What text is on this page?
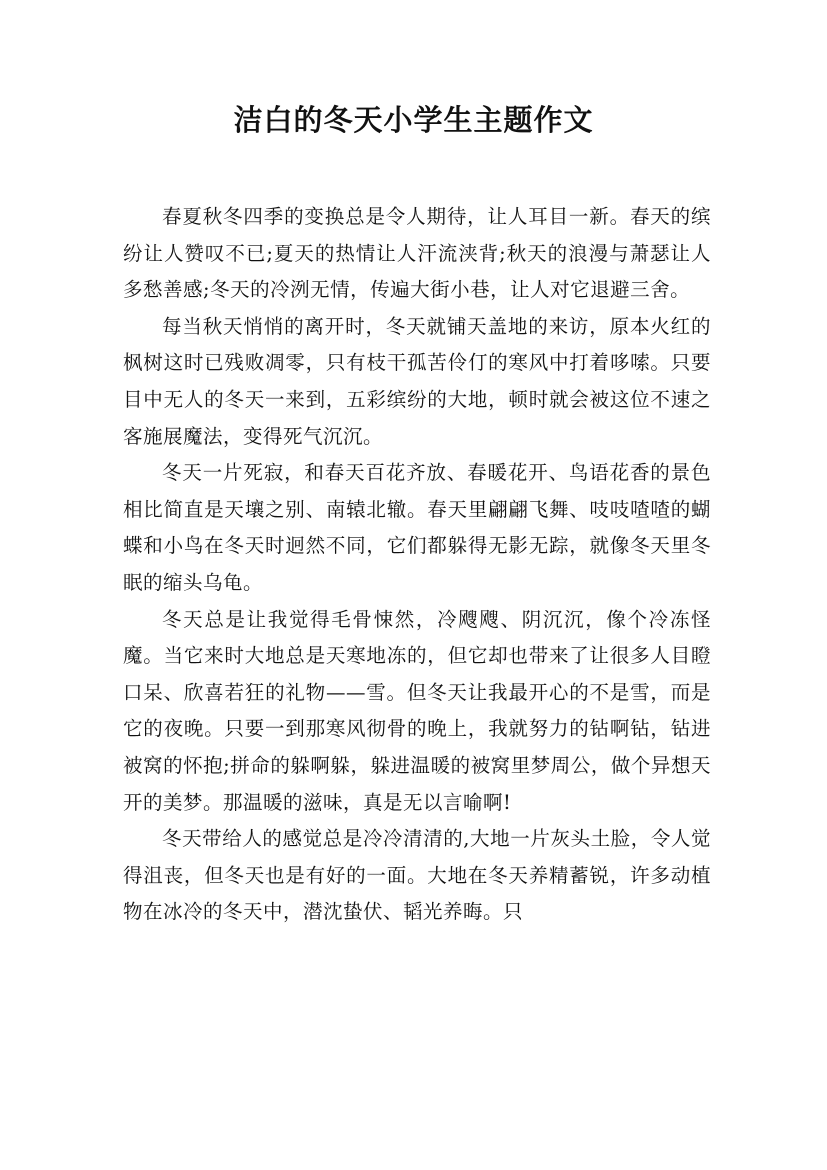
洁白的冬天小学生主题作文

春夏秋冬四季的变换总是令人期待，让人耳目一新。春天的缤纷让人赞叹不已;夏天的热情让人汗流浃背;秋天的浪漫与萧瑟让人多愁善感;冬天的冷洌无情，传遍大街小巷，让人对它退避三舍。

每当秋天悄悄的离开时，冬天就铺天盖地的来访，原本火红的枫树这时已残败凋零，只有枝干孤苦伶仃的寒风中打着哆嗦。只要目中无人的冬天一来到，五彩缤纷的大地，顿时就会被这位不速之客施展魔法，变得死气沉沉。

冬天一片死寂，和春天百花齐放、春暖花开、鸟语花香的景色相比简直是天壤之别、南辕北辙。春天里翩翩飞舞、吱吱喳喳的蝴蝶和小鸟在冬天时迥然不同，它们都躲得无影无踪，就像冬天里冬眠的缩头乌龟。

冬天总是让我觉得毛骨悚然，冷飕飕、阴沉沉，像个冷冻怪魔。当它来时大地总是天寒地冻的，但它却也带来了让很多人目瞪口呆、欣喜若狂的礼物——雪。但冬天让我最开心的不是雪，而是它的夜晚。只要一到那寒风彻骨的晚上，我就努力的钻啊钻，钻进被窝的怀抱;拼命的躲啊躲，躲进温暖的被窝里梦周公，做个异想天开的美梦。那温暖的滋味，真是无以言喻啊!

冬天带给人的感觉总是冷冷清清的,大地一片灰头土脸，令人觉得沮丧，但冬天也是有好的一面。大地在冬天养精蓄锐，许多动植物在冰冷的冬天中，潜沈蛰伏、韬光养晦。只
